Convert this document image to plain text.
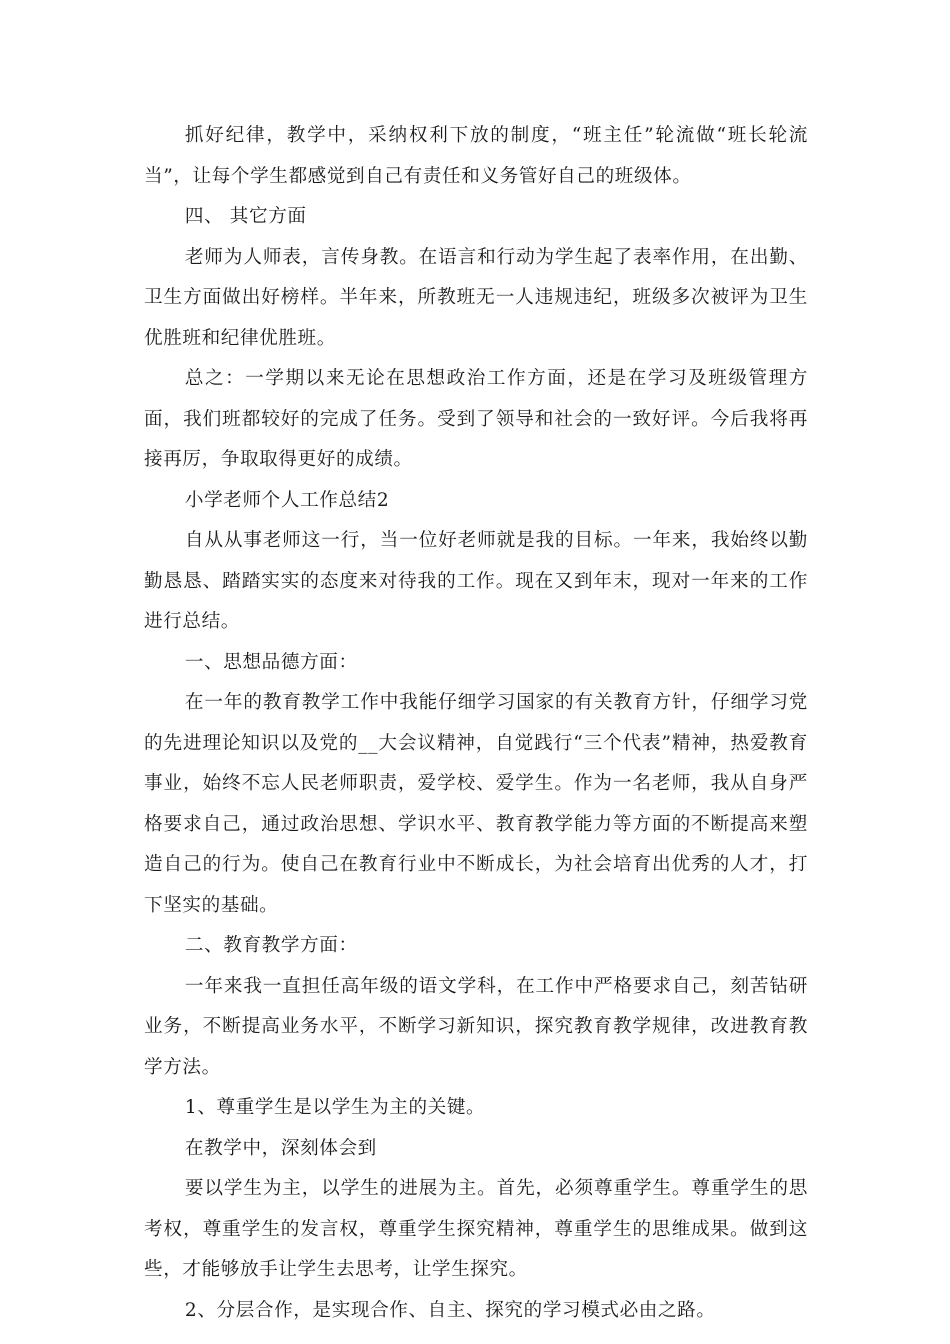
抓好纪律，教学中，采纳权利下放的制度，“班主任”轮流做“班长轮流当”，让每个学生都感觉到自己有责任和义务管好自己的班级体。

四、 其它方面

老师为人师表，言传身教。在语言和行动为学生起了表率作用，在出勤、卫生方面做出好榜样。半年来，所教班无一人违规违纪，班级多次被评为卫生优胜班和纪律优胜班。

总之：一学期以来无论在思想政治工作方面，还是在学习及班级管理方面，我们班都较好的完成了任务。受到了领导和社会的一致好评。今后我将再接再厉，争取取得更好的成绩。

小学老师个人工作总结2

自从从事老师这一行，当一位好老师就是我的目标。一年来，我始终以勤勤恳恳、踏踏实实的态度来对待我的工作。现在又到年末，现对一年来的工作进行总结。

一、思想品德方面：

在一年的教育教学工作中我能仔细学习国家的有关教育方针，仔细学习党的先进理论知识以及党的__大会议精神，自觉践行“三个代表”精神，热爱教育事业，始终不忘人民老师职责，爱学校、爱学生。作为一名老师，我从自身严格要求自己，通过政治思想、学识水平、教育教学能力等方面的不断提高来塑造自己的行为。使自己在教育行业中不断成长，为社会培育出优秀的人才，打下坚实的基础。

二、教育教学方面：

一年来我一直担任高年级的语文学科，在工作中严格要求自己，刻苦钻研业务，不断提高业务水平，不断学习新知识，探究教育教学规律，改进教育教学方法。

1、尊重学生是以学生为主的关键。

在教学中，深刻体会到

要以学生为主，以学生的进展为主。首先，必须尊重学生。尊重学生的思考权，尊重学生的发言权，尊重学生探究精神，尊重学生的思维成果。做到这些，才能够放手让学生去思考，让学生探究。

2、分层合作，是实现合作、自主、探究的学习模式必由之路。
